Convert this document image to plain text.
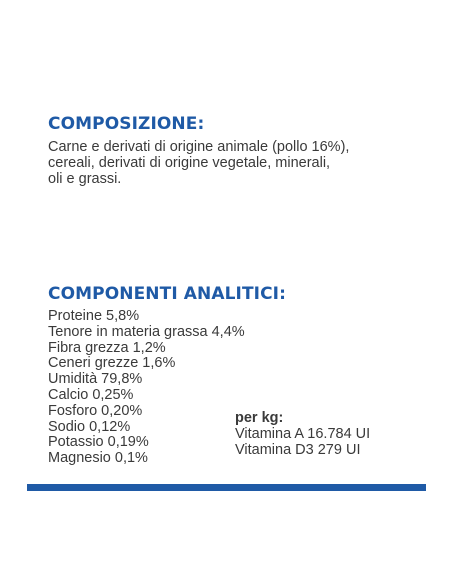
COMPOSIZIONE:

Carne e derivati di origine animale (pollo 16%),
cereali, derivati di origine vegetale, minerali,
oli e grassi.

COMPONENTI ANALITICI:
Proteine 5,8%
Tenore in materia grassa 4,4%
Fibra grezza 1,2%
Ceneri grezze 1,6%
Umidità 79,8%
Calcio 0,25%
Fosforo 0,20%
Sodio 0,12%
Potassio 0,19%
Magnesio 0,1%
per kg:
Vitamina A 16.784 UI
Vitamina D3 279 UI
